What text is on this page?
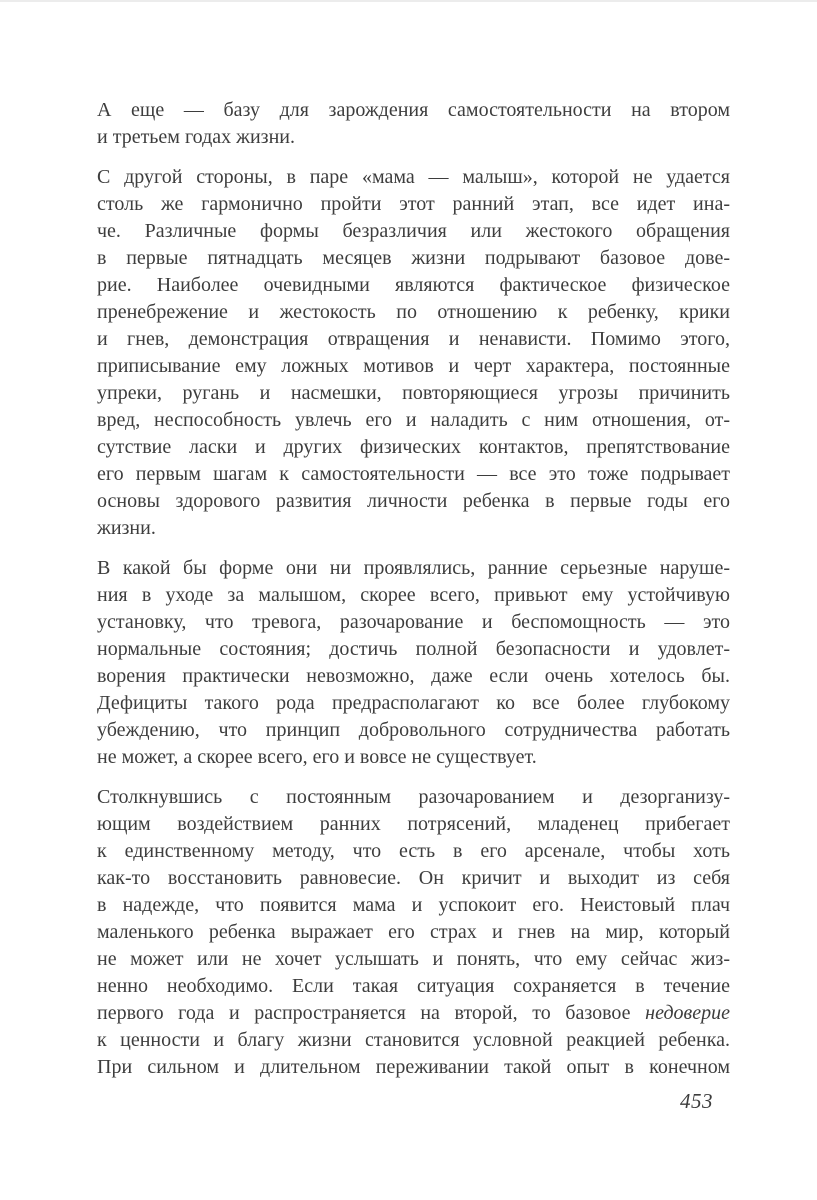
А еще — базу для зарождения самостоятельности на втором
и третьем годах жизни.
С другой стороны, в паре «мама — малыш», которой не удается
столь же гармонично пройти этот ранний этап, все идет ина-
че. Различные формы безразличия или жестокого обращения
в первые пятнадцать месяцев жизни подрывают базовое дове-
рие. Наиболее очевидными являются фактическое физическое
пренебрежение и жестокость по отношению к ребенку, крики
и гнев, демонстрация отвращения и ненависти. Помимо этого,
приписывание ему ложных мотивов и черт характера, постоянные
упреки, ругань и насмешки, повторяющиеся угрозы причинить
вред, неспособность увлечь его и наладить с ним отношения, от-
сутствие ласки и других физических контактов, препятствование
его первым шагам к самостоятельности — все это тоже подрывает
основы здорового развития личности ребенка в первые годы его
жизни.
В какой бы форме они ни проявлялись, ранние серьезные наруше-
ния в уходе за малышом, скорее всего, привьют ему устойчивую
установку, что тревога, разочарование и беспомощность — это
нормальные состояния; достичь полной безопасности и удовлет-
ворения практически невозможно, даже если очень хотелось бы.
Дефициты такого рода предрасполагают ко все более глубокому
убеждению, что принцип добровольного сотрудничества работать
не может, а скорее всего, его и вовсе не существует.
Столкнувшись с постоянным разочарованием и дезорганизу-
ющим воздействием ранних потрясений, младенец прибегает
к единственному методу, что есть в его арсенале, чтобы хоть
как-то восстановить равновесие. Он кричит и выходит из себя
в надежде, что появится мама и успокоит его. Неистовый плач
маленького ребенка выражает его страх и гнев на мир, который
не может или не хочет услышать и понять, что ему сейчас жиз-
ненно необходимо. Если такая ситуация сохраняется в течение
первого года и распространяется на второй, то базовое недоверие
к ценности и благу жизни становится условной реакцией ребенка.
При сильном и длительном переживании такой опыт в конечном
453
